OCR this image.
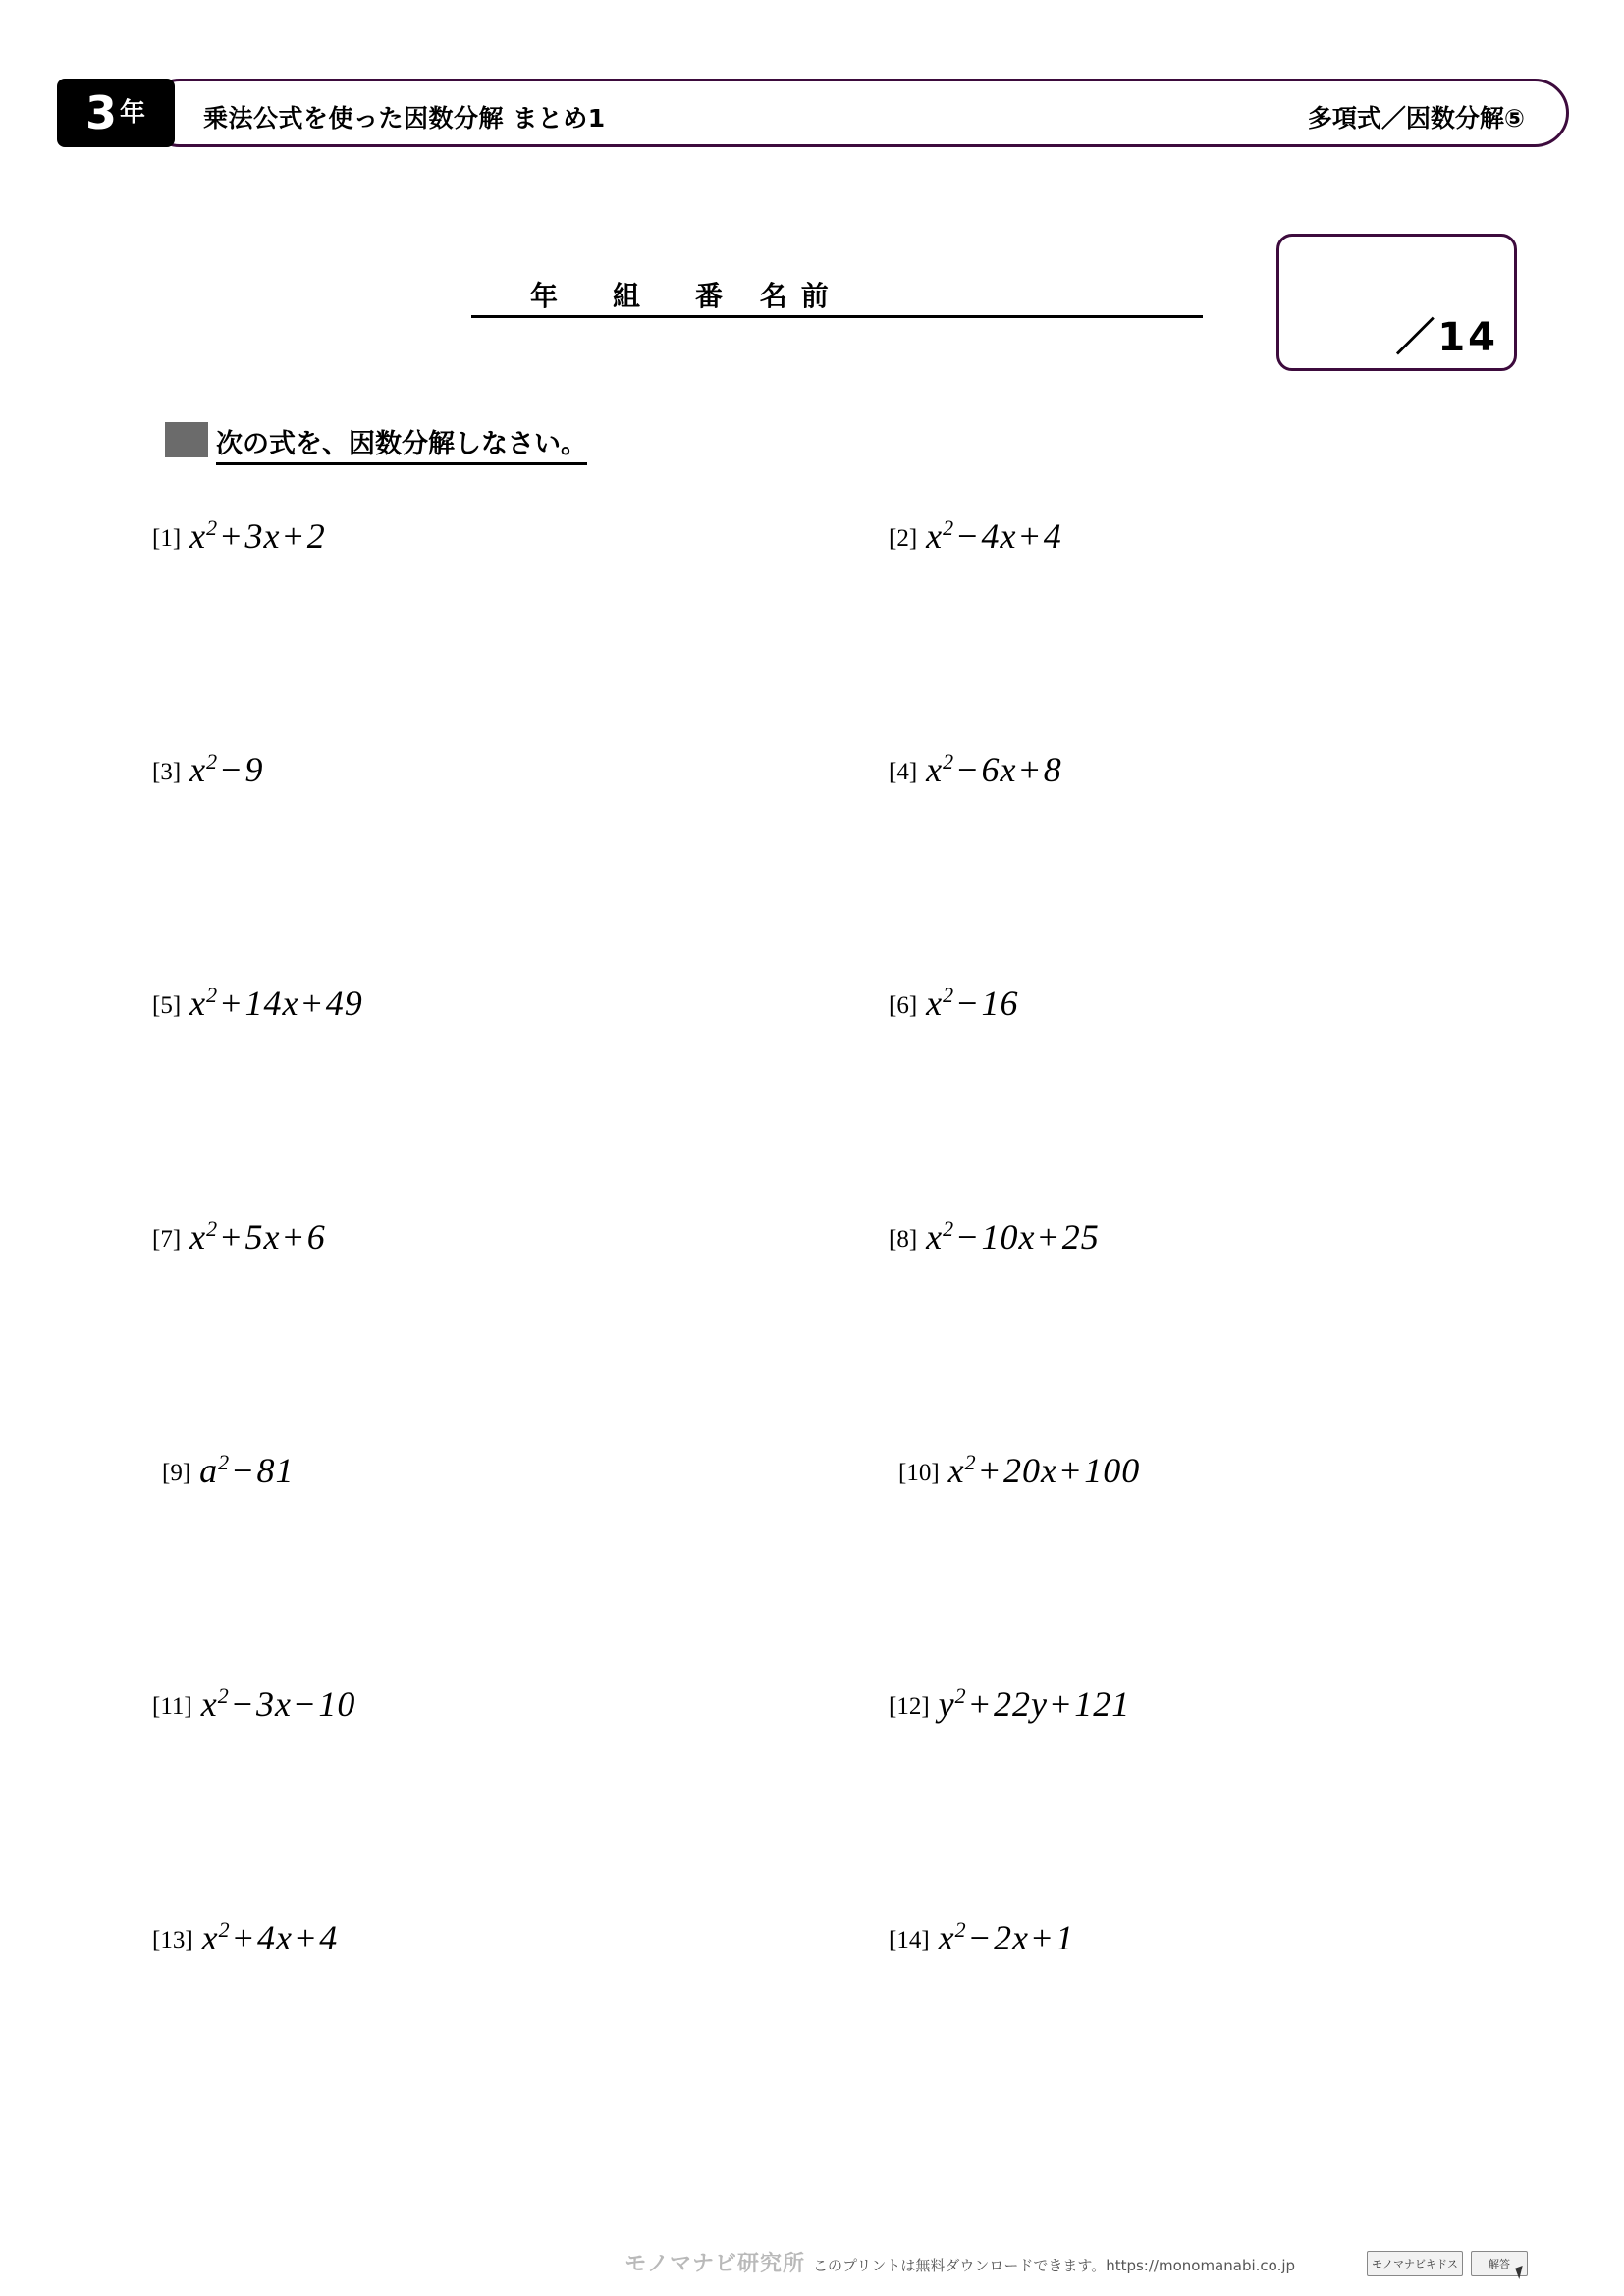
乗法公式を使った因数分解 まとめ1	多項式／因数分解⑤
3 年
年　組　番 名前
／14
次の式を、因数分解しなさい。
[1] $x^2+3x+2$	[2] $x^2-4x+4$
[3] $x^2-9$	[4] $x^2-6x+8$
[5] $x^2+14x+49$	[6] $x^2-16$
[7] $x^2+5x+6$	[8] $x^2-10x+25$
[9] $a^2-81$	[10] $x^2+20x+100$
[11] $x^2-3x-10$	[12] $y^2+22y+121$
[13] $x^2+4x+4$	[14] $x^2-2x+1$
モノマナビ研究所 このプリントは無料ダウンロードできます。https://monomanabi.co.jp	モノマナビキドス	解答
